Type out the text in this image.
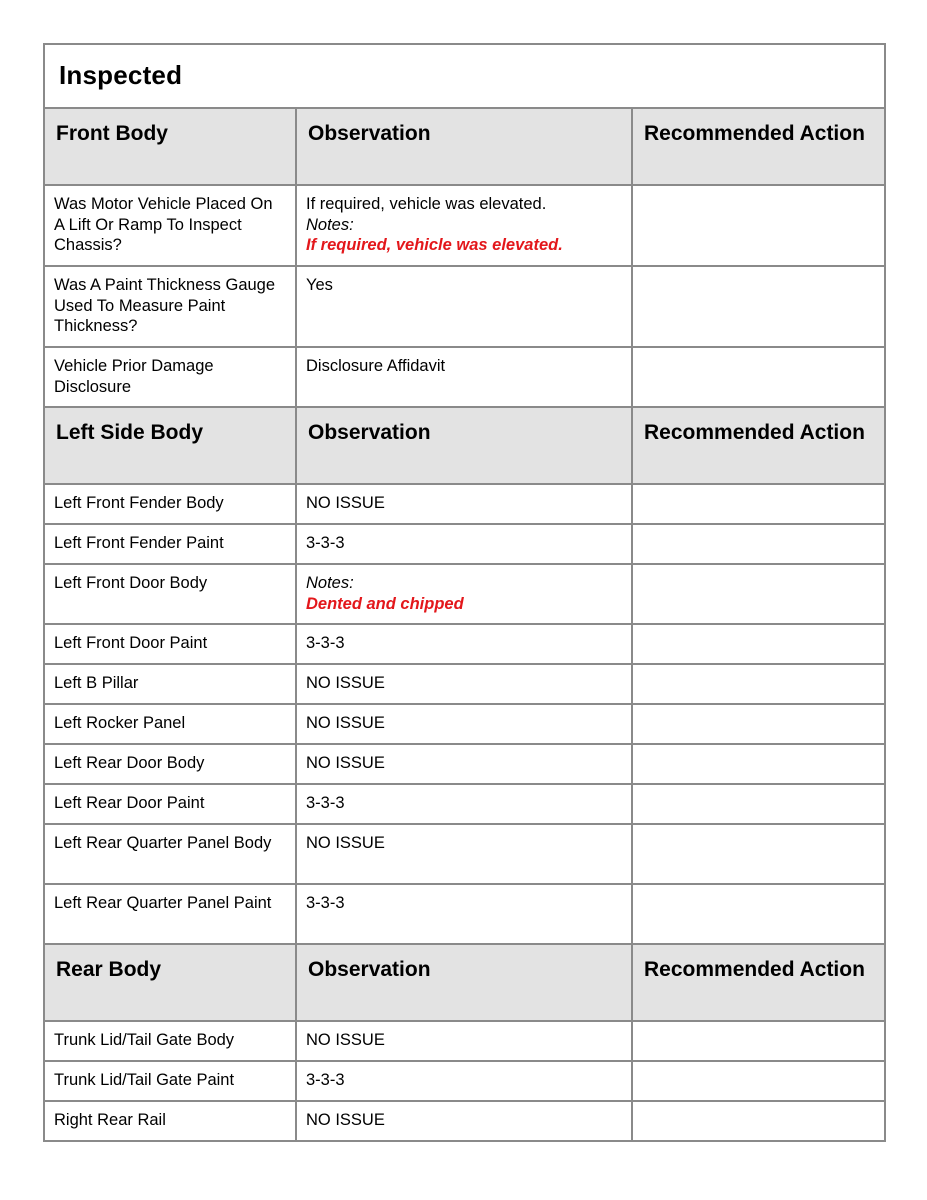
Inspected		
Front Body	Observation	Recommended Action
Was Motor Vehicle Placed On A Lift Or Ramp To Inspect Chassis?	If required, vehicle was elevated.
Notes:
If required, vehicle was elevated.	

Was A Paint Thickness Gauge Used To Measure Paint Thickness?	Yes	
Vehicle Prior Damage Disclosure	Disclosure Affidavit	
Left Side Body	Observation	Recommended Action
Left Front Fender Body	NO ISSUE	
Left Front Fender Paint	3-3-3	
Left Front Door Body	Notes:
Dented and chipped	

Left Front Door Paint	3-3-3	
Left B Pillar	NO ISSUE	
Left Rocker Panel	NO ISSUE	
Left Rear Door Body	NO ISSUE	
Left Rear Door Paint	3-3-3	
Left Rear Quarter Panel Body	NO ISSUE	
Left Rear Quarter Panel Paint	3-3-3	
Rear Body	Observation	Recommended Action
Trunk Lid/Tail Gate Body	NO ISSUE	
Trunk Lid/Tail Gate Paint	3-3-3	
Right Rear Rail	NO ISSUE	
